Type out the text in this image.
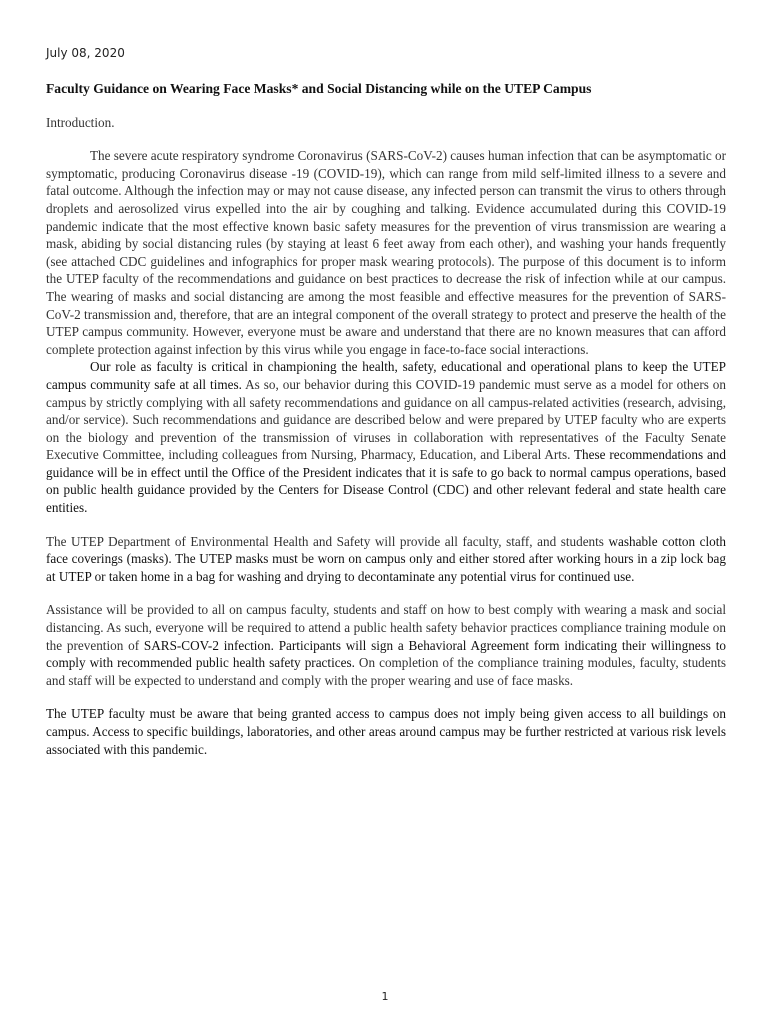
July 08, 2020

Faculty Guidance on Wearing Face Masks* and Social Distancing while on the UTEP Campus

Introduction.

The severe acute respiratory syndrome Coronavirus (SARS-CoV-2) causes human infection that can be asymptomatic or symptomatic, producing Coronavirus disease -19 (COVID-19), which can range from mild self-limited illness to a severe and fatal outcome. Although the infection may or may not cause disease, any infected person can transmit the virus to others through droplets and aerosolized virus expelled into the air by coughing and talking. Evidence accumulated during this COVID-19 pandemic indicate that the most effective known basic safety measures for the prevention of virus transmission are wearing a mask, abiding by social distancing rules (by staying at least 6 feet away from each other), and washing your hands frequently (see attached CDC guidelines and infographics for proper mask wearing protocols). The purpose of this document is to inform the UTEP faculty of the recommendations and guidance on best practices to decrease the risk of infection while at our campus. The wearing of masks and social distancing are among the most feasible and effective measures for the prevention of SARS-CoV-2 transmission and, therefore, that are an integral component of the overall strategy to protect and preserve the health of the UTEP campus community. However, everyone must be aware and understand that there are no known measures that can afford complete protection against infection by this virus while you engage in face-to-face social interactions.

Our role as faculty is critical in championing the health, safety, educational and operational plans to keep the UTEP campus community safe at all times. As so, our behavior during this COVID-19 pandemic must serve as a model for others on campus by strictly complying with all safety recommendations and guidance on all campus-related activities (research, advising, and/or service). Such recommendations and guidance are described below and were prepared by UTEP faculty who are experts on the biology and prevention of the transmission of viruses in collaboration with representatives of the Faculty Senate Executive Committee, including colleagues from Nursing, Pharmacy, Education, and Liberal Arts. These recommendations and guidance will be in effect until the Office of the President indicates that it is safe to go back to normal campus operations, based on public health guidance provided by the Centers for Disease Control (CDC) and other relevant federal and state health care entities.

The UTEP Department of Environmental Health and Safety will provide all faculty, staff, and students washable cotton cloth face coverings (masks). The UTEP masks must be worn on campus only and either stored after working hours in a zip lock bag at UTEP or taken home in a bag for washing and drying to decontaminate any potential virus for continued use.

Assistance will be provided to all on campus faculty, students and staff on how to best comply with wearing a mask and social distancing. As such, everyone will be required to attend a public health safety behavior practices compliance training module on the prevention of SARS-COV-2 infection. Participants will sign a Behavioral Agreement form indicating their willingness to comply with recommended public health safety practices. On completion of the compliance training modules, faculty, students and staff will be expected to understand and comply with the proper wearing and use of face masks.

The UTEP faculty must be aware that being granted access to campus does not imply being given access to all buildings on campus. Access to specific buildings, laboratories, and other areas around campus may be further restricted at various risk levels associated with this pandemic.

1
